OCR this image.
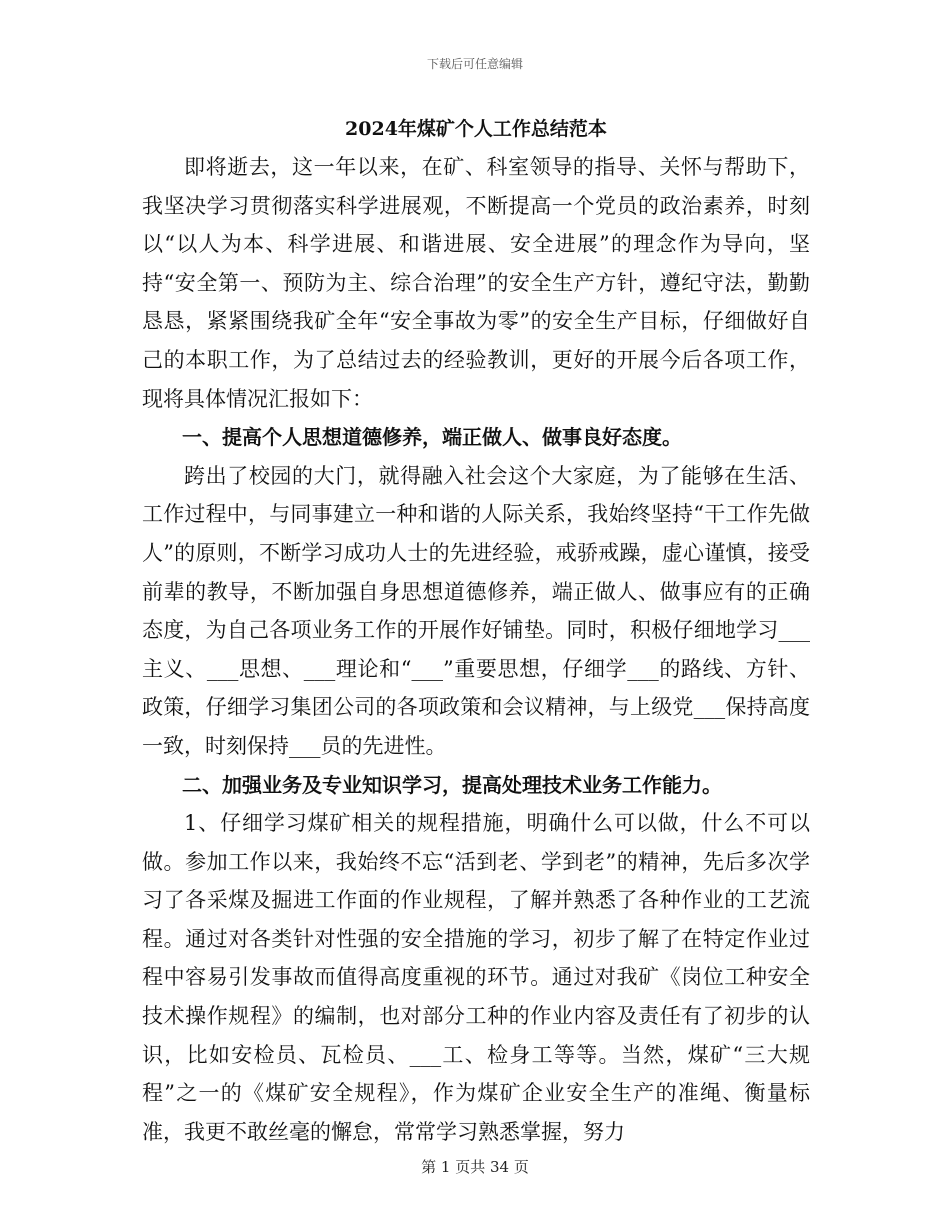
下载后可任意编辑
2024年煤矿个人工作总结范本

即将逝去，这一年以来，在矿、科室领导的指导、关怀与帮助下，我坚决学习贯彻落实科学进展观，不断提高一个党员的政治素养，时刻以“以人为本、科学进展、和谐进展、安全进展”的理念作为导向，坚持“安全第一、预防为主、综合治理”的安全生产方针，遵纪守法，勤勤恳恳，紧紧围绕我矿全年“安全事故为零”的安全生产目标，仔细做好自己的本职工作，为了总结过去的经验教训，更好的开展今后各项工作，现将具体情况汇报如下：

一、提高个人思想道德修养，端正做人、做事良好态度。

跨出了校园的大门，就得融入社会这个大家庭，为了能够在生活、工作过程中，与同事建立一种和谐的人际关系，我始终坚持“干工作先做人”的原则，不断学习成功人士的先进经验，戒骄戒躁，虚心谨慎，接受前辈的教导，不断加强自身思想道德修养，端正做人、做事应有的正确态度，为自己各项业务工作的开展作好铺垫。同时，积极仔细地学习___主义、___思想、___理论和“___”重要思想，仔细学___的路线、方针、政策，仔细学习集团公司的各项政策和会议精神，与上级党___保持高度一致，时刻保持___员的先进性。

二、加强业务及专业知识学习，提高处理技术业务工作能力。

1、仔细学习煤矿相关的规程措施，明确什么可以做，什么不可以做。参加工作以来，我始终不忘“活到老、学到老”的精神，先后多次学习了各采煤及掘进工作面的作业规程，了解并熟悉了各种作业的工艺流程。通过对各类针对性强的安全措施的学习，初步了解了在特定作业过程中容易引发事故而值得高度重视的环节。通过对我矿《岗位工种安全技术操作规程》的编制，也对部分工种的作业内容及责任有了初步的认识，比如安检员、瓦检员、___工、检身工等等。当然，煤矿“三大规程”之一的《煤矿安全规程》，作为煤矿企业安全生产的准绳、衡量标准，我更不敢丝毫的懈怠，常常学习熟悉掌握，努力

第 1 页共 34 页
